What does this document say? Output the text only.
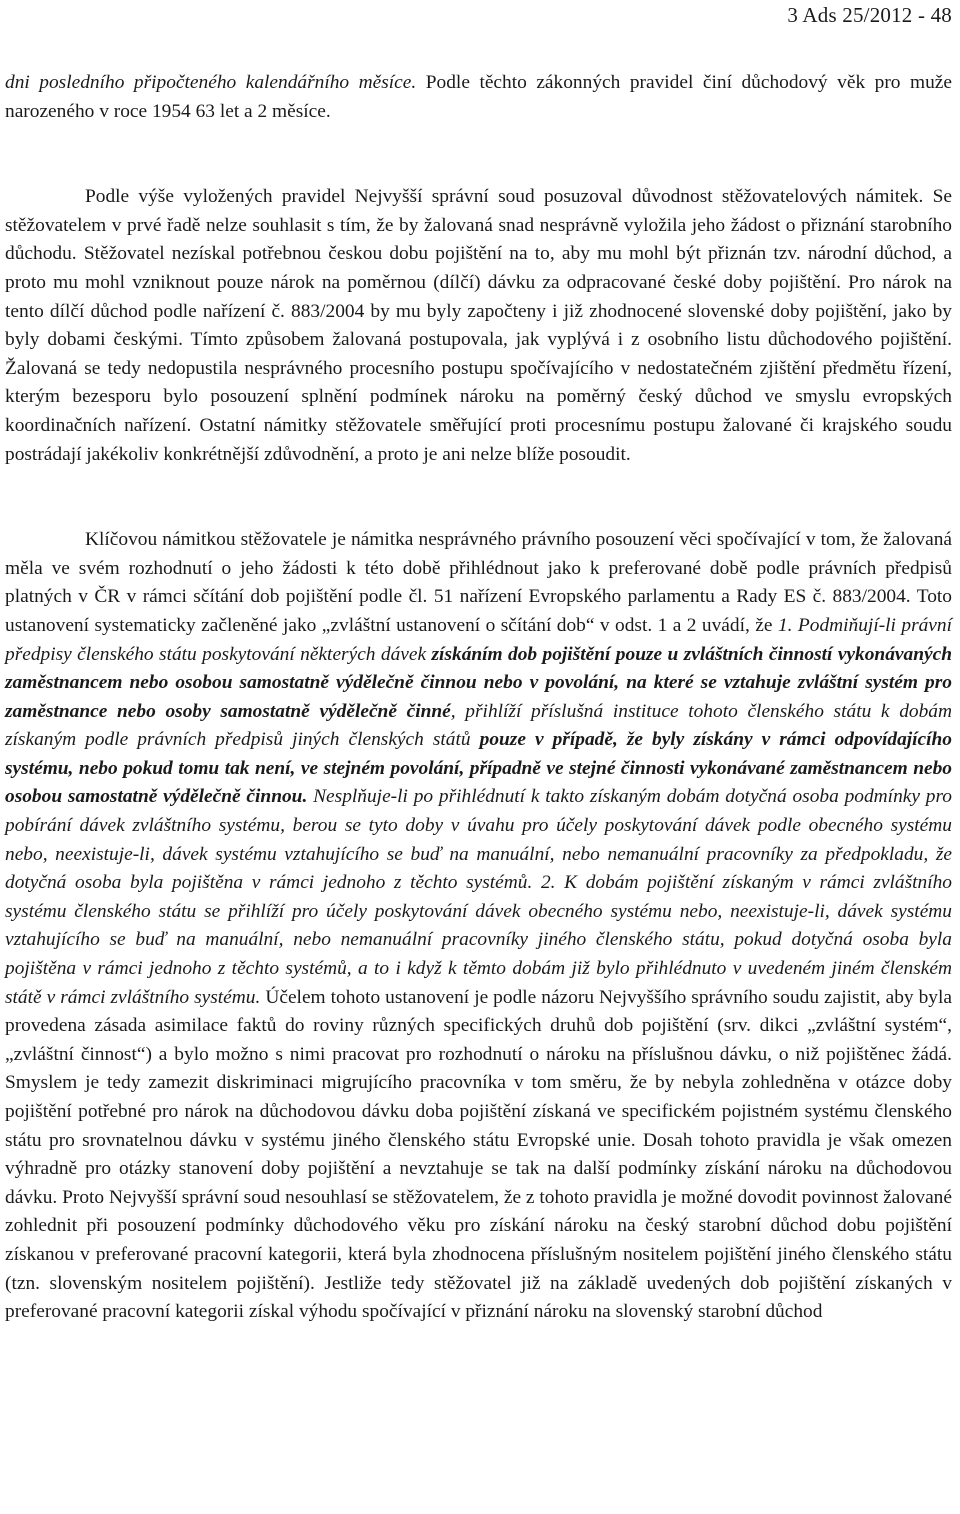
3 Ads 25/2012 - 48

dni posledního připočteného kalendářního měsíce. Podle těchto zákonných pravidel činí důchodový věk pro muže narozeného v roce 1954 63 let a 2 měsíce.

Podle výše vyložených pravidel Nejvyšší správní soud posuzoval důvodnost stěžovatelových námitek. Se stěžovatelem v prvé řadě nelze souhlasit s tím, že by žalovaná snad nesprávně vyložila jeho žádost o přiznání starobního důchodu. Stěžovatel nezískal potřebnou českou dobu pojištění na to, aby mu mohl být přiznán tzv. národní důchod, a proto mu mohl vzniknout pouze nárok na poměrnou (dílčí) dávku za odpracované české doby pojištění. Pro nárok na tento dílčí důchod podle nařízení č. 883/2004 by mu byly započteny i již zhodnocené slovenské doby pojištění, jako by byly dobami českými. Tímto způsobem žalovaná postupovala, jak vyplývá i z osobního listu důchodového pojištění. Žalovaná se tedy nedopustila nesprávného procesního postupu spočívajícího v nedostatečném zjištění předmětu řízení, kterým bezesporu bylo posouzení splnění podmínek nároku na poměrný český důchod ve smyslu evropských koordinačních nařízení. Ostatní námitky stěžovatele směřující proti procesnímu postupu žalované či krajského soudu postrádají jakékoliv konkrétnější zdůvodnění, a proto je ani nelze blíže posoudit.

Klíčovou námitkou stěžovatele je námitka nesprávného právního posouzení věci spočívající v tom, že žalovaná měla ve svém rozhodnutí o jeho žádosti k této době přihlédnout jako k preferované době podle právních předpisů platných v ČR v rámci sčítání dob pojištění podle čl. 51 nařízení Evropského parlamentu a Rady ES č. 883/2004. Toto ustanovení systematicky začleněné jako „zvláštní ustanovení o sčítání dob“ v odst. 1 a 2 uvádí, že 1. Podmiňují-li právní předpisy členského státu poskytování některých dávek získáním dob pojištění pouze u zvláštních činností vykonávaných zaměstnancem nebo osobou samostatně výdělečně činnou nebo v povolání, na které se vztahuje zvláštní systém pro zaměstnance nebo osoby samostatně výdělečně činné, přihlíží příslušná instituce tohoto členského státu k dobám získaným podle právních předpisů jiných členských států pouze v případě, že byly získány v rámci odpovídajícího systému, nebo pokud tomu tak není, ve stejném povolání, případně ve stejné činnosti vykonávané zaměstnancem nebo osobou samostatně výdělečně činnou. Nesplňuje-li po přihlédnutí k takto získaným dobám dotyčná osoba podmínky pro pobírání dávek zvláštního systému, berou se tyto doby v úvahu pro účely poskytování dávek podle obecného systému nebo, neexistuje-li, dávek systému vztahujícího se buď na manuální, nebo nemanuální pracovníky za předpokladu, že dotyčná osoba byla pojištěna v rámci jednoho z těchto systémů. 2. K dobám pojištění získaným v rámci zvláštního systému členského státu se přihlíží pro účely poskytování dávek obecného systému nebo, neexistuje-li, dávek systému vztahujícího se buď na manuální, nebo nemanuální pracovníky jiného členského státu, pokud dotyčná osoba byla pojištěna v rámci jednoho z těchto systémů, a to i když k těmto dobám již bylo přihlédnuto v uvedeném jiném členském státě v rámci zvláštního systému. Účelem tohoto ustanovení je podle názoru Nejvyššího správního soudu zajistit, aby byla provedena zásada asimilace faktů do roviny různých specifických druhů dob pojištění (srv. dikci „zvláštní systém“, „zvláštní činnost“) a bylo možno s nimi pracovat pro rozhodnutí o nároku na příslušnou dávku, o niž pojištěnec žádá. Smyslem je tedy zamezit diskriminaci migrujícího pracovníka v tom směru, že by nebyla zohledněna v otázce doby pojištění potřebné pro nárok na důchodovou dávku doba pojištění získaná ve specifickém pojistném systému členského státu pro srovnatelnou dávku v systému jiného členského státu Evropské unie. Dosah tohoto pravidla je však omezen výhradně pro otázky stanovení doby pojištění a nevztahuje se tak na další podmínky získání nároku na důchodovou dávku. Proto Nejvyšší správní soud nesouhlasí se stěžovatelem, že z tohoto pravidla je možné dovodit povinnost žalované zohlednit při posouzení podmínky důchodového věku pro získání nároku na český starobní důchod dobu pojištění získanou v preferované pracovní kategorii, která byla zhodnocena příslušným nositelem pojištění jiného členského státu (tzn. slovenským nositelem pojištění). Jestliže tedy stěžovatel již na základě uvedených dob pojištění získaných v preferované pracovní kategorii získal výhodu spočívající v přiznání nároku na slovenský starobní důchod
